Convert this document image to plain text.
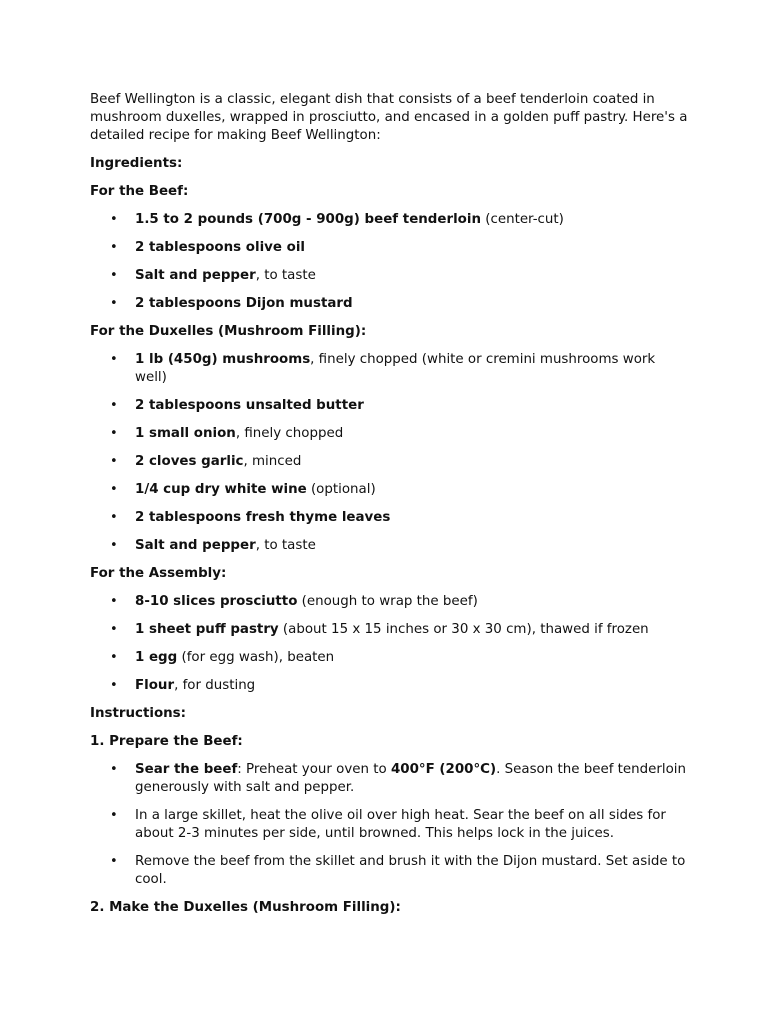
Beef Wellington is a classic, elegant dish that consists of a beef tenderloin coated in mushroom duxelles, wrapped in prosciutto, and encased in a golden puff pastry. Here's a detailed recipe for making Beef Wellington:

Ingredients:

For the Beef:

• 1.5 to 2 pounds (700g - 900g) beef tenderloin (center-cut)
• 2 tablespoons olive oil
• Salt and pepper, to taste
• 2 tablespoons Dijon mustard

For the Duxelles (Mushroom Filling):

• 1 lb (450g) mushrooms, finely chopped (white or cremini mushrooms work well)
• 2 tablespoons unsalted butter
• 1 small onion, finely chopped
• 2 cloves garlic, minced
• 1/4 cup dry white wine (optional)
• 2 tablespoons fresh thyme leaves
• Salt and pepper, to taste

For the Assembly:

• 8-10 slices prosciutto (enough to wrap the beef)
• 1 sheet puff pastry (about 15 x 15 inches or 30 x 30 cm), thawed if frozen
• 1 egg (for egg wash), beaten
• Flour, for dusting

Instructions:

1. Prepare the Beef:

• Sear the beef: Preheat your oven to 400°F (200°C). Season the beef tenderloin generously with salt and pepper.
• In a large skillet, heat the olive oil over high heat. Sear the beef on all sides for about 2-3 minutes per side, until browned. This helps lock in the juices.
• Remove the beef from the skillet and brush it with the Dijon mustard. Set aside to cool.

2. Make the Duxelles (Mushroom Filling):
